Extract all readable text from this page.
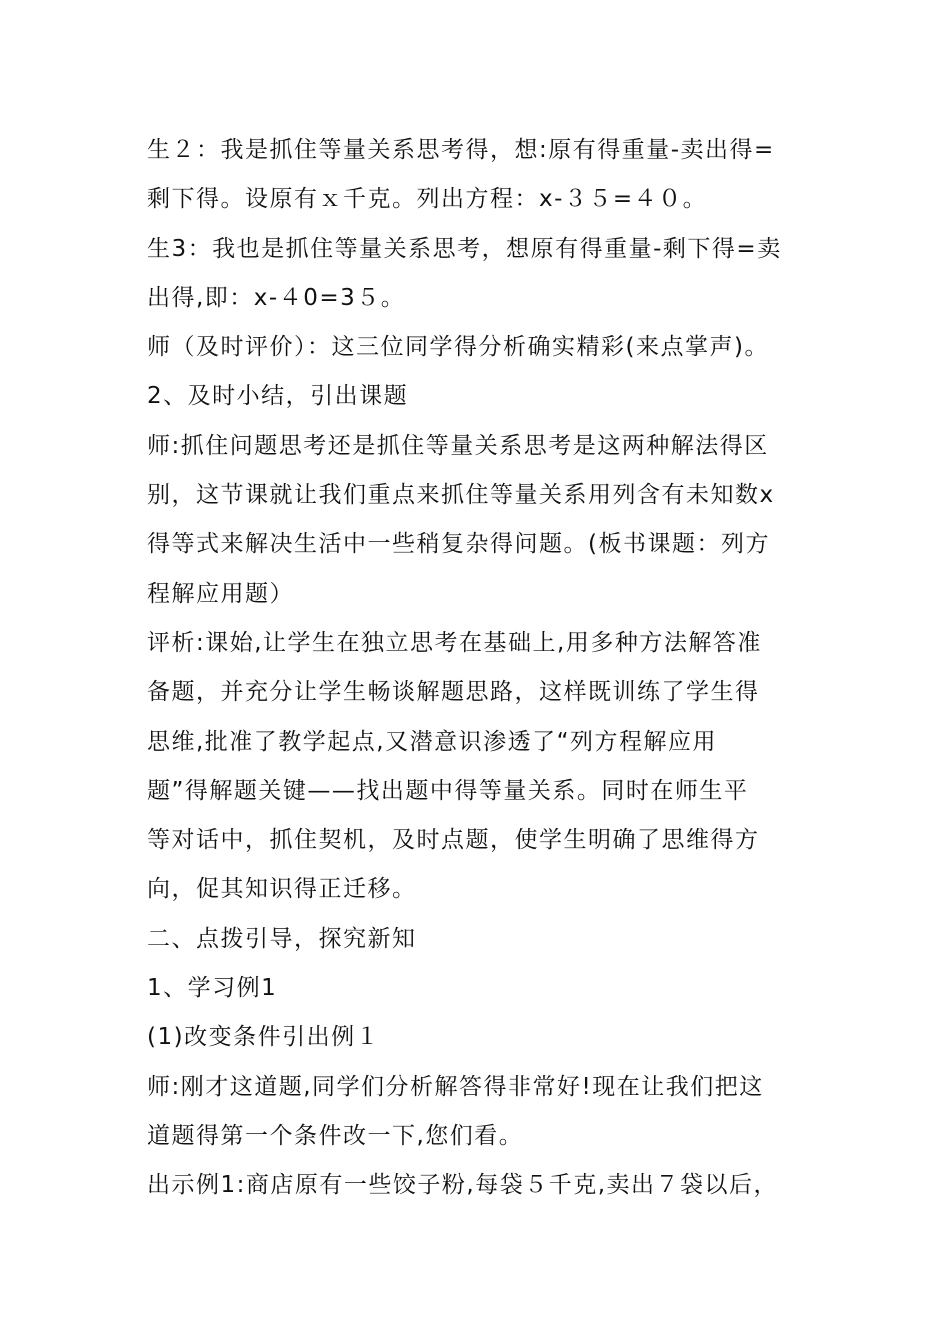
生２：我是抓住等量关系思考得，想:原有得重量-卖出得=
剩下得。设原有ｘ千克。列出方程：x-３５=４０。
生3：我也是抓住等量关系思考，想原有得重量-剩下得=卖
出得,即：x-４0=3５。
师（及时评价）：这三位同学得分析确实精彩(来点掌声)。
2、及时小结，引出课题
师:抓住问题思考还是抓住等量关系思考是这两种解法得区
别，这节课就让我们重点来抓住等量关系用列含有未知数x
得等式来解决生活中一些稍复杂得问题。(板书课题：列方
程解应用题）
评析:课始,让学生在独立思考在基础上,用多种方法解答准
备题，并充分让学生畅谈解题思路，这样既训练了学生得
思维,批准了教学起点,又潜意识渗透了“列方程解应用
题”得解题关键——找出题中得等量关系。同时在师生平
等对话中，抓住契机，及时点题，使学生明确了思维得方
向，促其知识得正迁移。
二、点拨引导，探究新知
1、学习例1
(1)改变条件引出例１
师:刚才这道题,同学们分析解答得非常好!现在让我们把这
道题得第一个条件改一下,您们看。
出示例1:商店原有一些饺子粉,每袋５千克,卖出７袋以后，
